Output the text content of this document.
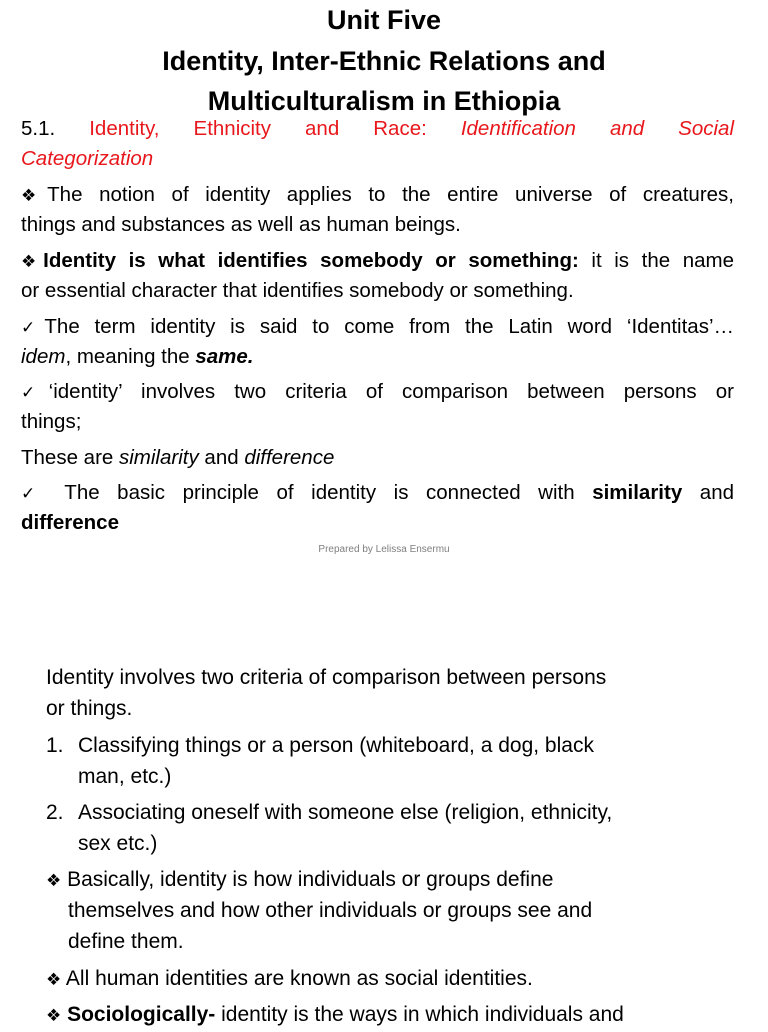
Unit Five
Identity, Inter-Ethnic Relations and
Multiculturalism in Ethiopia
5.1. Identity, Ethnicity and Race: Identification and Social
Categorization
❖The notion of identity applies to the entire universe of creatures,
things and substances as well as human beings.
❖Identity is what identifies somebody or something: it is the name
or essential character that identifies somebody or something.
✓The term identity is said to come from the Latin word ‘Identitas’…
idem, meaning the same.
✓‘identity’ involves two criteria of comparison between persons or
things;
These are similarity and difference
✓ The basic principle of identity is connected with similarity and
difference
Prepared by Lelissa Ensermu
Identity involves two criteria of comparison between persons
or things.
1. Classifying things or a person (whiteboard, a dog, black
man, etc.)
2. Associating oneself with someone else (religion, ethnicity,
sex etc.)
❖ Basically, identity is how individuals or groups define
themselves and how other individuals or groups see and
define them.
❖ All human identities are known as social identities.
❖ Sociologically- identity is the ways in which individuals and
